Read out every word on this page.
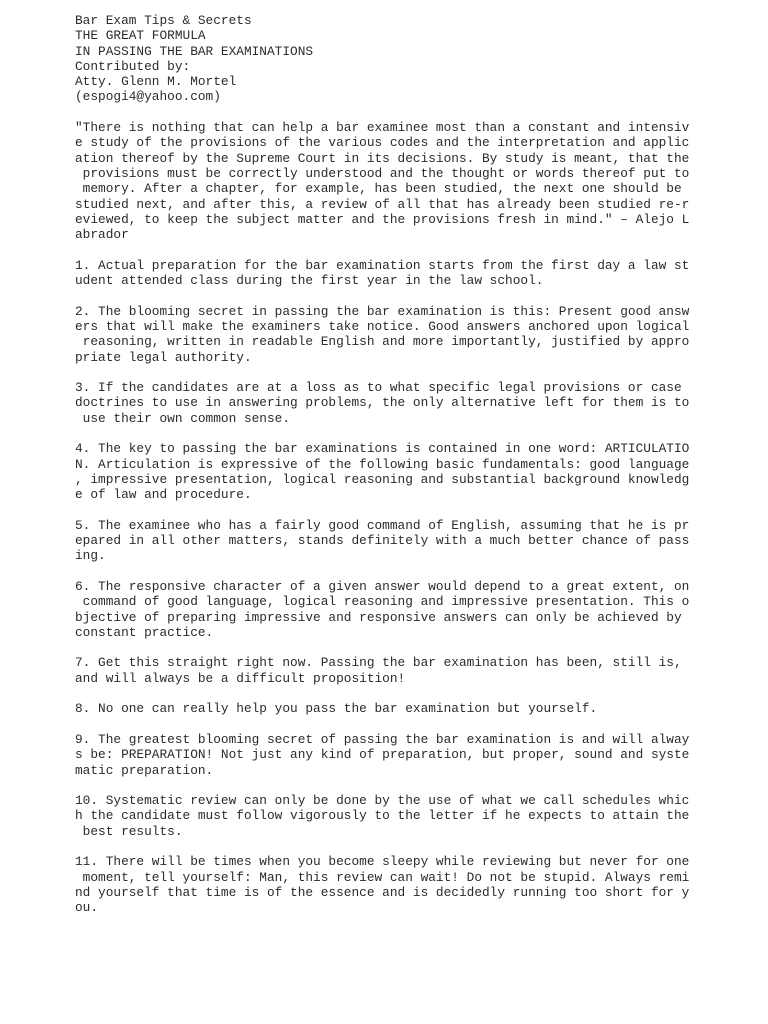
Bar Exam Tips & Secrets
THE GREAT FORMULA
IN PASSING THE BAR EXAMINATIONS
Contributed by:
Atty. Glenn M. Mortel
(espogi4@yahoo.com)
"There is nothing that can help a bar examinee most than a constant and intensiv
e study of the provisions of the various codes and the interpretation and applic
ation thereof by the Supreme Court in its decisions. By study is meant, that the
provisions must be correctly understood and the thought or words thereof put to
memory. After a chapter, for example, has been studied, the next one should be
studied next, and after this, a review of all that has already been studied re-r
eviewed, to keep the subject matter and the provisions fresh in mind." – Alejo L
abrador
1. Actual preparation for the bar examination starts from the first day a law st
udent attended class during the first year in the law school.
2. The blooming secret in passing the bar examination is this: Present good answ
ers that will make the examiners take notice. Good answers anchored upon logical
reasoning, written in readable English and more importantly, justified by appro
priate legal authority.
3. If the candidates are at a loss as to what specific legal provisions or case
doctrines to use in answering problems, the only alternative left for them is to
use their own common sense.
4. The key to passing the bar examinations is contained in one word: ARTICULATIO
N. Articulation is expressive of the following basic fundamentals: good language
, impressive presentation, logical reasoning and substantial background knowledg
e of law and procedure.
5. The examinee who has a fairly good command of English, assuming that he is pr
epared in all other matters, stands definitely with a much better chance of pass
ing.
6. The responsive character of a given answer would depend to a great extent, on
command of good language, logical reasoning and impressive presentation. This o
bjective of preparing impressive and responsive answers can only be achieved by
constant practice.
7. Get this straight right now. Passing the bar examination has been, still is,
and will always be a difficult proposition!
8. No one can really help you pass the bar examination but yourself.
9. The greatest blooming secret of passing the bar examination is and will alway
s be: PREPARATION! Not just any kind of preparation, but proper, sound and syste
matic preparation.
10. Systematic review can only be done by the use of what we call schedules whic
h the candidate must follow vigorously to the letter if he expects to attain the
best results.
11. There will be times when you become sleepy while reviewing but never for one
moment, tell yourself: Man, this review can wait! Do not be stupid. Always remi
nd yourself that time is of the essence and is decidedly running too short for y
ou.
